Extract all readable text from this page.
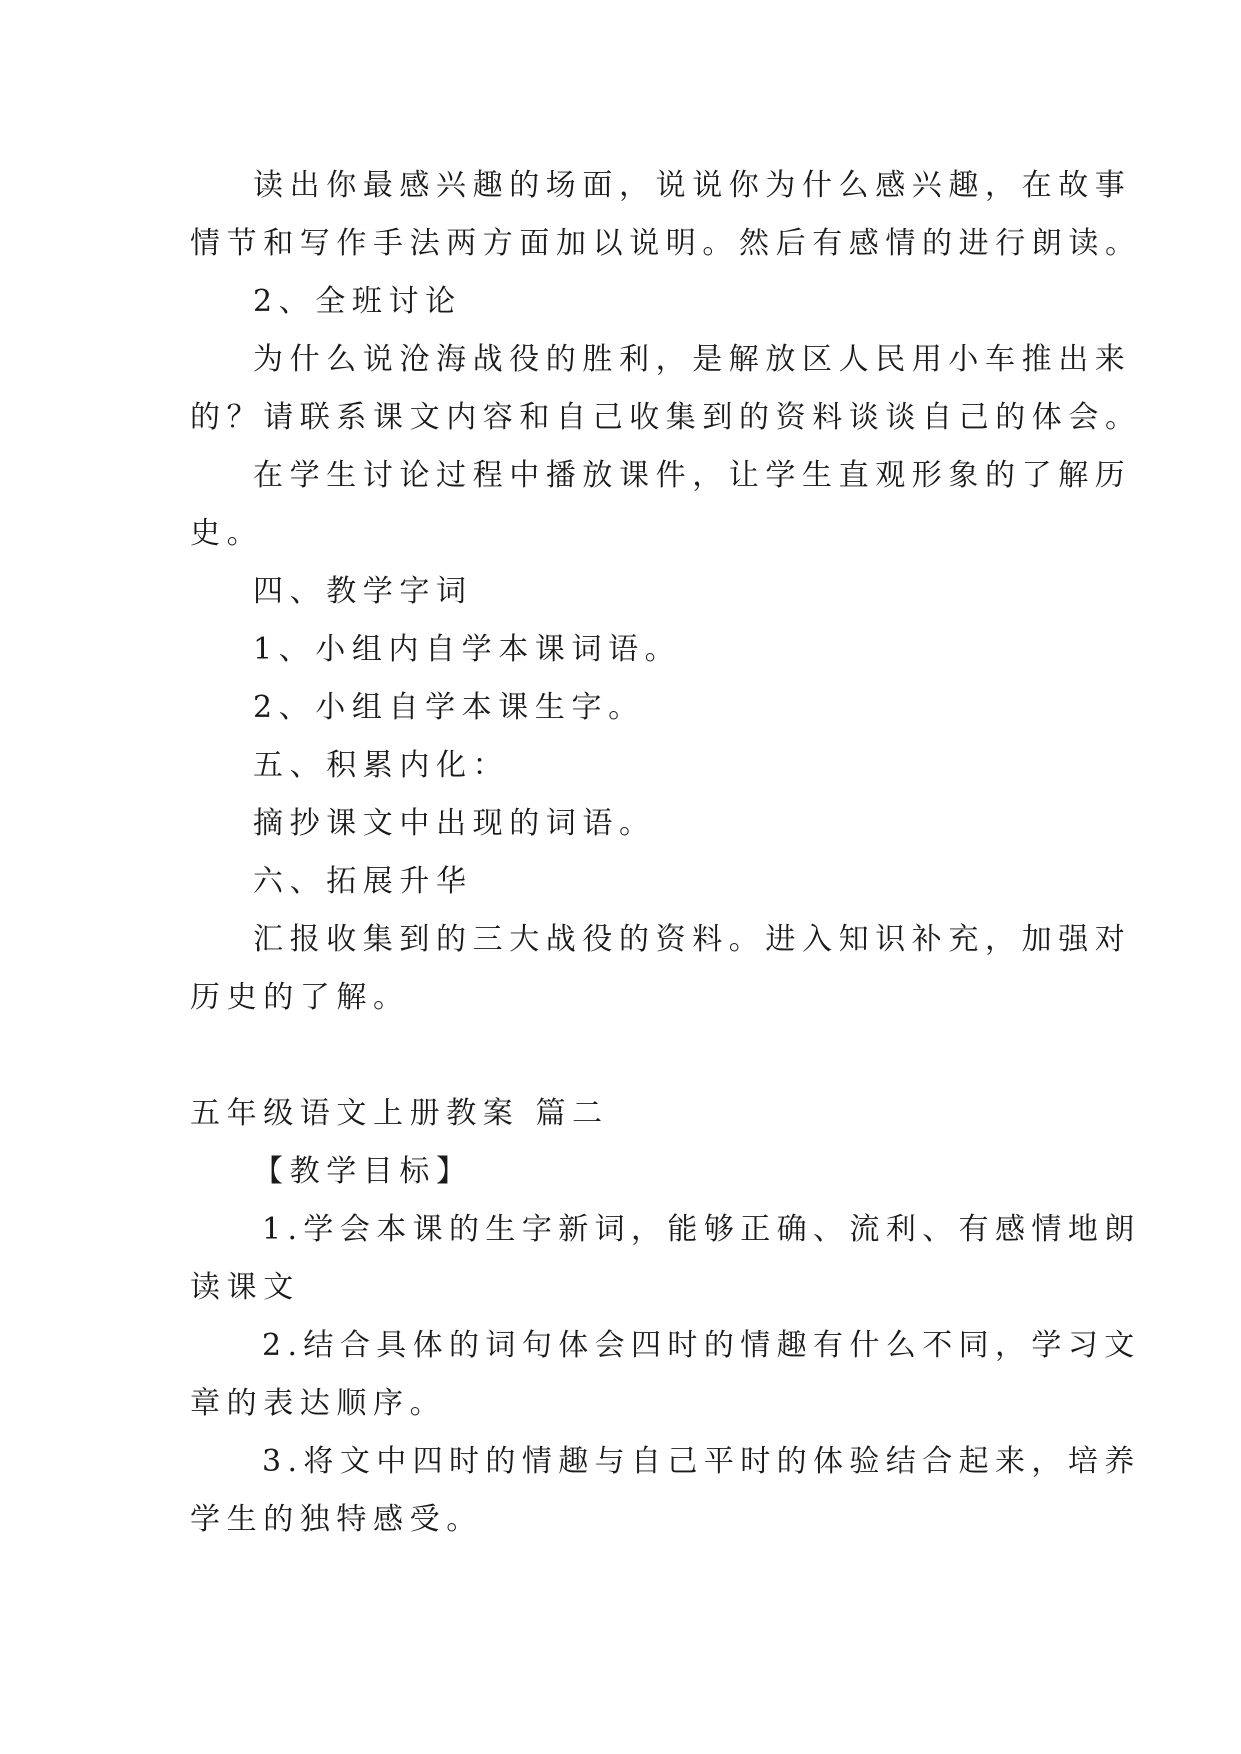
读出你最感兴趣的场面，说说你为什么感兴趣，在故事
情节和写作手法两方面加以说明。然后有感情的进行朗读。
2、全班讨论
为什么说沧海战役的胜利，是解放区人民用小车推出来
的？请联系课文内容和自己收集到的资料谈谈自己的体会。
在学生讨论过程中播放课件，让学生直观形象的了解历
史。
四、教学字词
1、小组内自学本课词语。
2、小组自学本课生字。
五、积累内化：
摘抄课文中出现的词语。
六、拓展升华
汇报收集到的三大战役的资料。进入知识补充，加强对
历史的了解。
五年级语文上册教案 篇二
【教学目标】
1.学会本课的生字新词，能够正确、流利、有感情地朗
读课文
2.结合具体的词句体会四时的情趣有什么不同，学习文
章的表达顺序。
3.将文中四时的情趣与自己平时的体验结合起来，培养
学生的独特感受。
